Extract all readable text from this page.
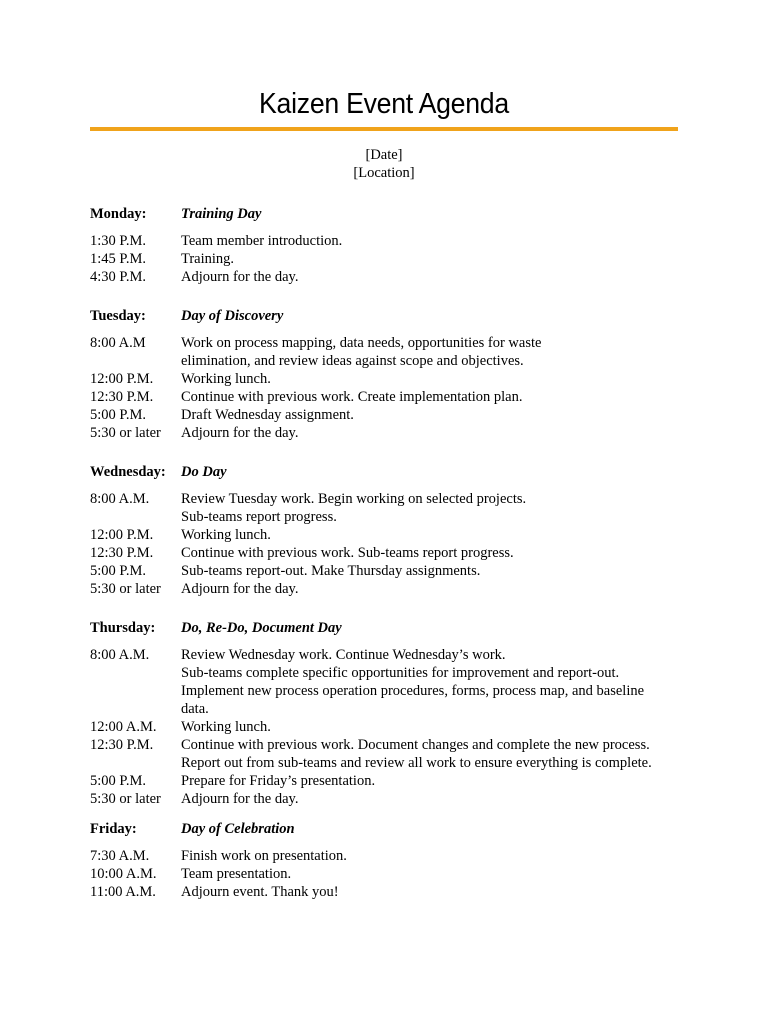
Kaizen Event Agenda
[Date]
[Location]
Monday: Training Day
1:30 P.M. Team member introduction.
1:45 P.M. Training.
4:30 P.M. Adjourn for the day.
Tuesday: Day of Discovery
8:00 A.M Work on process mapping, data needs, opportunities for waste
elimination, and review ideas against scope and objectives.
12:00 P.M. Working lunch.
12:30 P.M. Continue with previous work. Create implementation plan.
5:00 P.M. Draft Wednesday assignment.
5:30 or later Adjourn for the day.
Wednesday: Do Day
8:00 A.M. Review Tuesday work. Begin working on selected projects.
Sub-teams report progress.
12:00 P.M. Working lunch.
12:30 P.M. Continue with previous work. Sub-teams report progress.
5:00 P.M. Sub-teams report-out. Make Thursday assignments.
5:30 or later Adjourn for the day.
Thursday: Do, Re-Do, Document Day
8:00 A.M. Review Wednesday work. Continue Wednesday’s work.
Sub-teams complete specific opportunities for improvement and report-out.
Implement new process operation procedures, forms, process map, and baseline
data.
12:00 A.M. Working lunch.
12:30 P.M. Continue with previous work. Document changes and complete the new process.
Report out from sub-teams and review all work to ensure everything is complete.
5:00 P.M. Prepare for Friday’s presentation.
5:30 or later Adjourn for the day.
Friday:	Day of Celebration
7:30 A.M. Finish work on presentation.
10:00 A.M. Team presentation.
11:00 A.M. Adjourn event. Thank you!
